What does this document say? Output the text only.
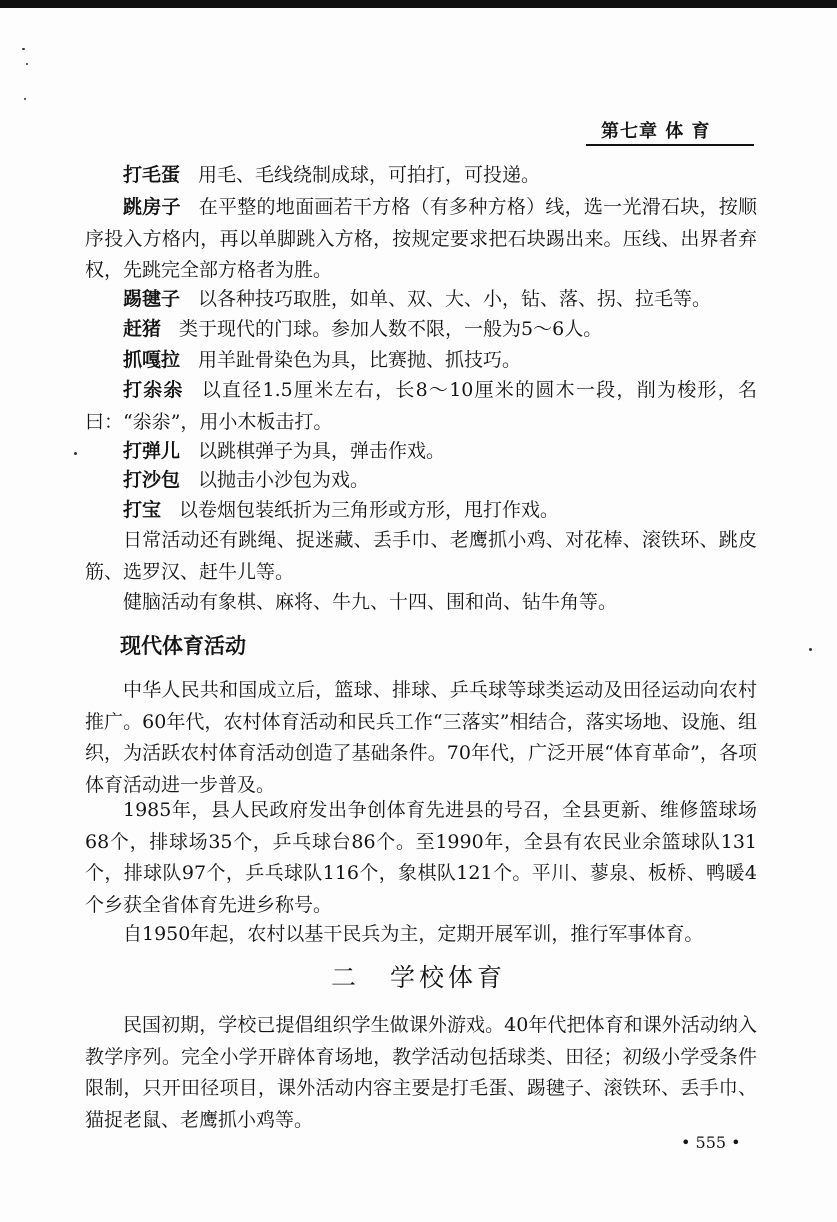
第七章 体 育
打毛蛋 用毛、毛线绕制成球，可拍打，可投递。
跳房子 在平整的地面画若干方格（有多种方格）线，选一光滑石块，按顺序投入方格内，再以单脚跳入方格，按规定要求把石块踢出来。压线、出界者弃权，先跳完全部方格者为胜。
踢毽子 以各种技巧取胜，如单、双、大、小，钻、落、拐、拉毛等。
赶猪 类于现代的门球。参加人数不限，一般为5～6人。
抓嘎拉 用羊趾骨染色为具，比赛抛、抓技巧。
打尜尜 以直径1.5厘米左右，长8～10厘米的圆木一段，削为梭形，名曰：“尜尜”，用小木板击打。
打弹儿 以跳棋弹子为具，弹击作戏。
打沙包 以抛击小沙包为戏。
打宝 以卷烟包装纸折为三角形或方形，甩打作戏。
日常活动还有跳绳、捉迷藏、丢手巾、老鹰抓小鸡、对花棒、滚铁环、跳皮筋、选罗汉、赶牛儿等。
健脑活动有象棋、麻将、牛九、十四、围和尚、钻牛角等。
现代体育活动
中华人民共和国成立后，篮球、排球、乒乓球等球类运动及田径运动向农村推广。60年代，农村体育活动和民兵工作“三落实”相结合，落实场地、设施、组织，为活跃农村体育活动创造了基础条件。70年代，广泛开展“体育革命”，各项体育活动进一步普及。
1985年，县人民政府发出争创体育先进县的号召，全县更新、维修篮球场68个，排球场35个，乒乓球台86个。至1990年，全县有农民业余篮球队131个，排球队97个，乒乓球队116个，象棋队121个。平川、蓼泉、板桥、鸭暖4个乡获全省体育先进乡称号。
自1950年起，农村以基干民兵为主，定期开展军训，推行军事体育。
二 学校体育
民国初期，学校已提倡组织学生做课外游戏。40年代把体育和课外活动纳入教学序列。完全小学开辟体育场地，教学活动包括球类、田径；初级小学受条件限制，只开田径项目，课外活动内容主要是打毛蛋、踢毽子、滚铁环、丢手巾、猫捉老鼠、老鹰抓小鸡等。
• 555 •
